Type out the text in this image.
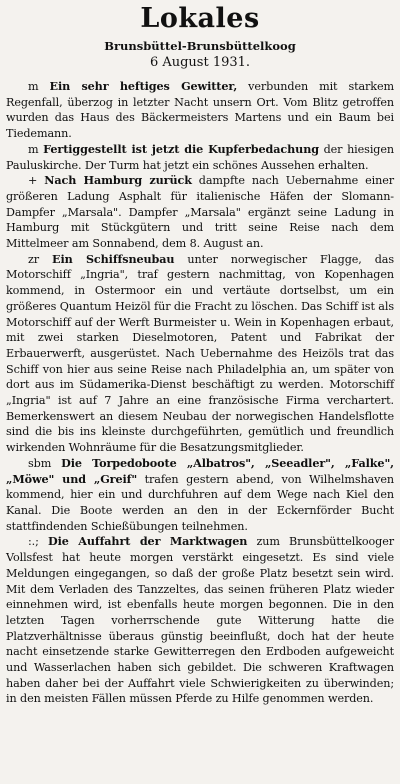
Lokales
Brunsbüttel-Brunsbüttelkoog
6 August 1931.

m Ein sehr heftiges Gewitter, verbunden mit starkem Regenfall, überzog in letzter Nacht unsern Ort. Vom Blitz getroffen wurden das Haus des Bäckermeisters Martens und ein Baum bei Tiedemann.

m Fertiggestellt ist jetzt die Kupferbedachung der hiesigen Pauluskirche. Der Turm hat jetzt ein schönes Aussehen erhalten.

+ Nach Hamburg zurück dampfte nach Uebernahme einer größeren Ladung Asphalt für italienische Häfen der Slomann-Dampfer „Marsala". Dampfer „Marsala" ergänzt seine Ladung in Hamburg mit Stückgütern und tritt seine Reise nach dem Mittelmeer am Sonnabend, dem 8. August an.

zr Ein Schiffsneubau unter norwegischer Flagge, das Motorschiff „Ingria", traf gestern nachmittag, von Kopenhagen kommend, in Ostermoor ein und vertäute dortselbst, um ein größeres Quantum Heizöl für die Fracht zu löschen. Das Schiff ist als Motorschiff auf der Werft Burmeister u. Wein in Kopenhagen erbaut, mit zwei starken Dieselmotoren, Patent und Fabrikat der Erbauerwerft, ausgerüstet. Nach Uebernahme des Heizöls trat das Schiff von hier aus seine Reise nach Philadelphia an, um später von dort aus im Südamerika-Dienst beschäftigt zu werden. Motorschiff „Ingria" ist auf 7 Jahre an eine französische Firma verchartert. Bemerkenswert an diesem Neubau der norwegischen Handelsflotte sind die bis ins kleinste durchgeführten, gemütlich und freundlich wirkenden Wohnräume für die Besatzungsmitglieder.

sbm Die Torpedoboote „Albatros", „Seeadler", „Falke", „Möwe" und „Greif" trafen gestern abend, von Wilhelmshaven kommend, hier ein und durchfuhren auf dem Wege nach Kiel den Kanal. Die Boote werden an den in der Eckernförder Bucht stattfindenden Schießübungen teilnehmen.

:.; Die Auffahrt der Marktwagen zum Brunsbüttelkooger Vollsfest hat heute morgen verstärkt eingesetzt. Es sind viele Meldungen eingegangen, so daß der große Platz besetzt sein wird. Mit dem Verladen des Tanzzeltes, das seinen früheren Platz wieder einnehmen wird, ist ebenfalls heute morgen begonnen. Die in den letzten Tagen vorherrschende gute Witterung hatte die Platzverhältnisse überaus günstig beeinflußt, doch hat der heute nacht einsetzende starke Gewitterregen den Erdboden aufgeweicht und Wasserlachen haben sich gebildet. Die schweren Kraftwagen haben daher bei der Auffahrt viele Schwierigkeiten zu überwinden; in den meisten Fällen müssen Pferde zu Hilfe genommen werden.
